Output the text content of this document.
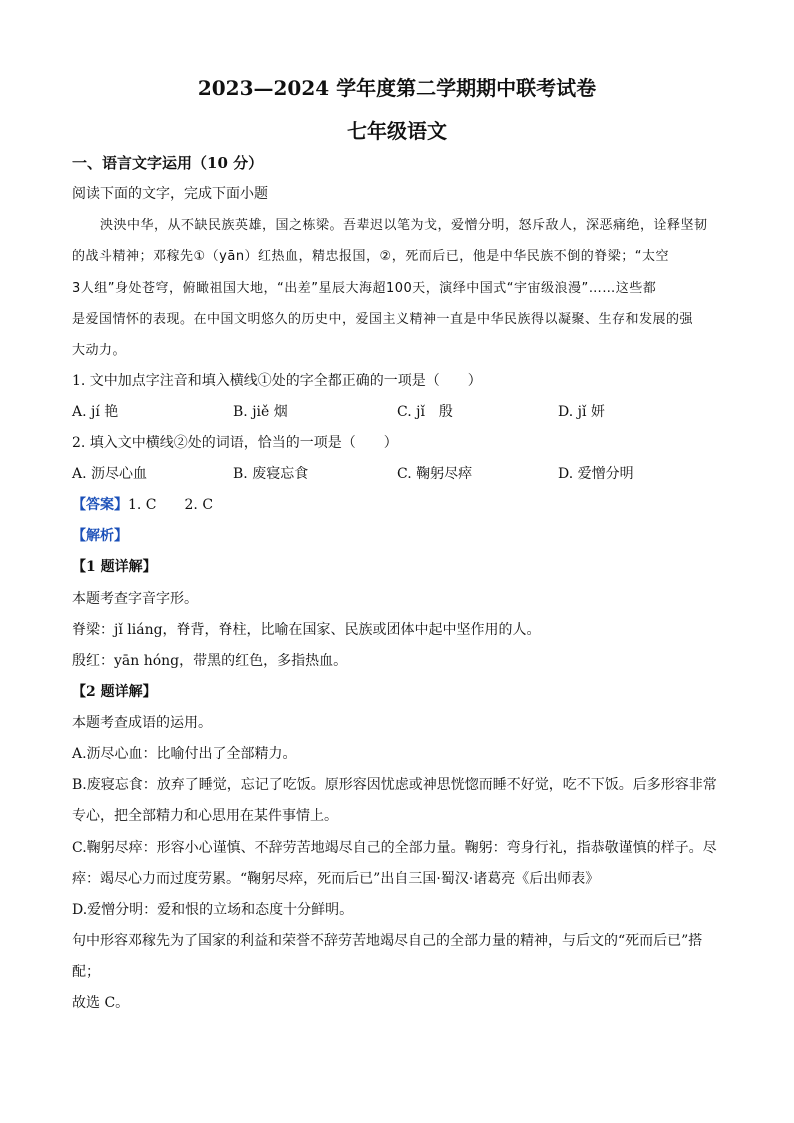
2023—2024 学年度第二学期期中联考试卷
七年级语文
一、语言文字运用（10 分）
阅读下面的文字，完成下面小题
泱泱中华，从不缺民族英雄，国之栋梁。吾辈迟以笔为戈，爱憎分明，怒斥敌人，深恶痛绝，诠释坚韧
的战斗精神；邓稼先①（yān）红热血，精忠报国，②，死而后已，他是中华民族不倒的脊梁；“太空
3人组”身处苍穹，俯瞰祖国大地，“出差”星辰大海超100天，演绎中国式“宇宙级浪漫”……这些都
是爱国情怀的表现。在中国文明悠久的历史中，爱国主义精神一直是中华民族得以凝聚、生存和发展的强
大动力。
1. 文中加点字注音和填入横线①处的字全都正确的一项是（　　）
A. jí 艳	B. jiě 烟	C. jǐ　殷	D. jǐ 妍
2. 填入文中横线②处的词语，恰当的一项是（　　）
A. 沥尽心血	B. 废寝忘食	C. 鞠躬尽瘁	D. 爱憎分明
【答案】1. C　　2. C
【解析】
【1 题详解】
本题考查字音字形。
脊梁：jǐ liáng，脊背，脊柱，比喻在国家、民族或团体中起中坚作用的人。
殷红：yān hóng，带黑的红色，多指热血。
【2 题详解】
本题考查成语的运用。
A.沥尽心血：比喻付出了全部精力。
B.废寝忘食：放弃了睡觉，忘记了吃饭。原形容因忧虑或神思恍惚而睡不好觉，吃不下饭。后多形容非常
专心，把全部精力和心思用在某件事情上。
C.鞠躬尽瘁：形容小心谨慎、不辞劳苦地竭尽自己的全部力量。鞠躬：弯身行礼，指恭敬谨慎的样子。尽
瘁：竭尽心力而过度劳累。“鞠躬尽瘁，死而后已”出自三国·蜀汉·诸葛亮《后出师表》
D.爱憎分明：爱和恨的立场和态度十分鲜明。
句中形容邓稼先为了国家的利益和荣誉不辞劳苦地竭尽自己的全部力量的精神，与后文的“死而后已”搭
配；
故选 C。
